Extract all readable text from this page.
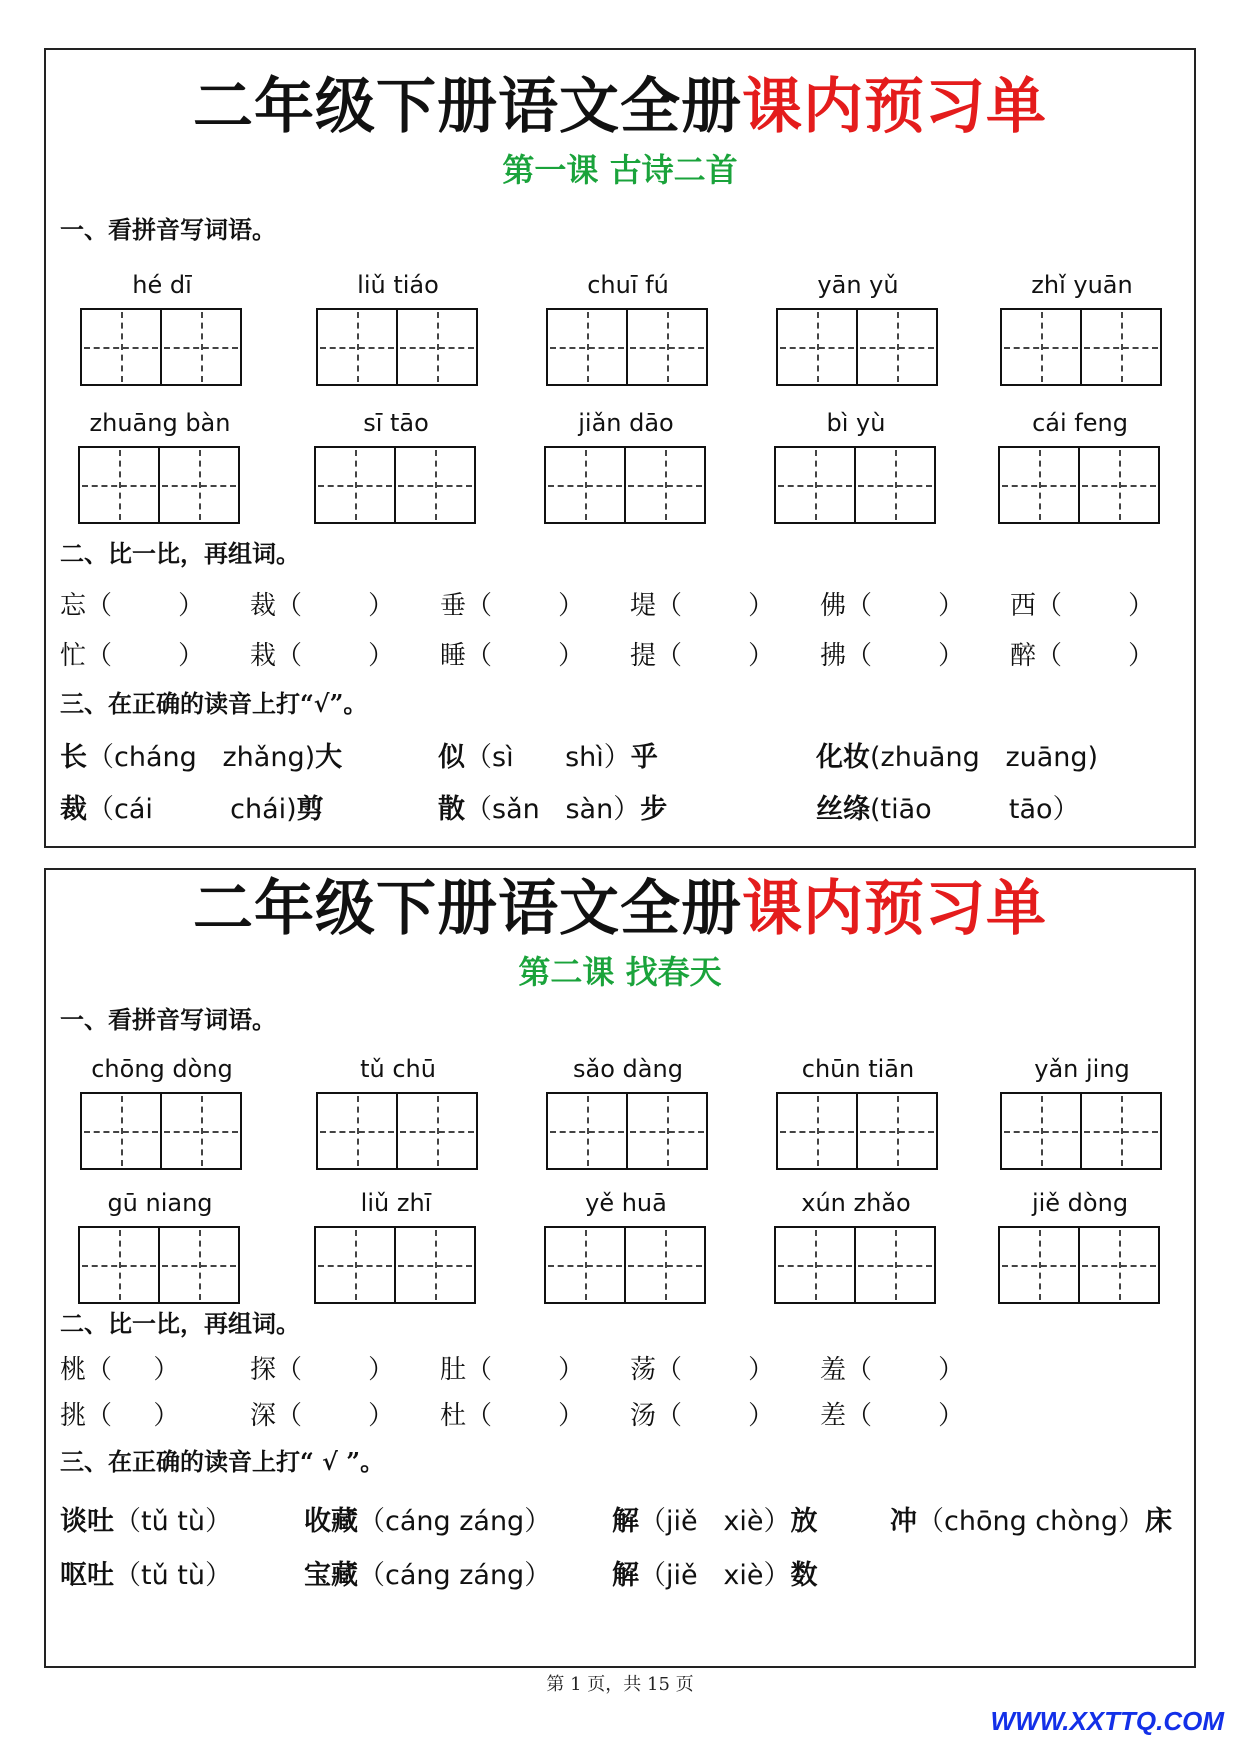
二年级下册语文全册课内预习单
第一课 古诗二首
一、看拼音写词语。
hé dī	liǔ tiáo	chuī fú	yān yǔ	zhǐ yuān
zhuāng bàn	sī tāo	jiǎn dāo	bì yù	cái feng
二、比一比，再组词。
忘（        ） 裁（        ） 垂（        ） 堤（        ） 佛（        ） 西（        ）
忙（        ） 栽（        ） 睡（        ） 提（        ） 拂（        ） 醉（        ）
三、在正确的读音上打“√”。
长（cháng   zhǎng)大	似（sì      shì）乎	化妆(zhuāng   zuāng)
裁（cái         chái)剪	散（sǎn   sàn）步	丝绦(tiāo         tāo）
二年级下册语文全册课内预习单
第二课 找春天
一、看拼音写词语。
chōng dòng	tǔ chū	sǎo dàng	chūn tiān	yǎn jing
gū niang	liǔ zhī	yě huā	xún zhǎo	jiě dòng
二、比一比，再组词。
桃（     ）	探（        ） 肚（        ） 荡（        ） 羞（        ）
挑（     ）	深（        ） 杜（        ） 汤（        ） 差（        ）
三、在正确的读音上打“ √ ”。
谈吐（tǔ tù）	收藏（cáng záng） 解（jiě   xiè）放	冲（chōng chòng）床
呕吐（tǔ tù）	宝藏（cáng záng） 解（jiě   xiè）数
第 1 页，共 15 页
WWW.XXTTQ.COM
